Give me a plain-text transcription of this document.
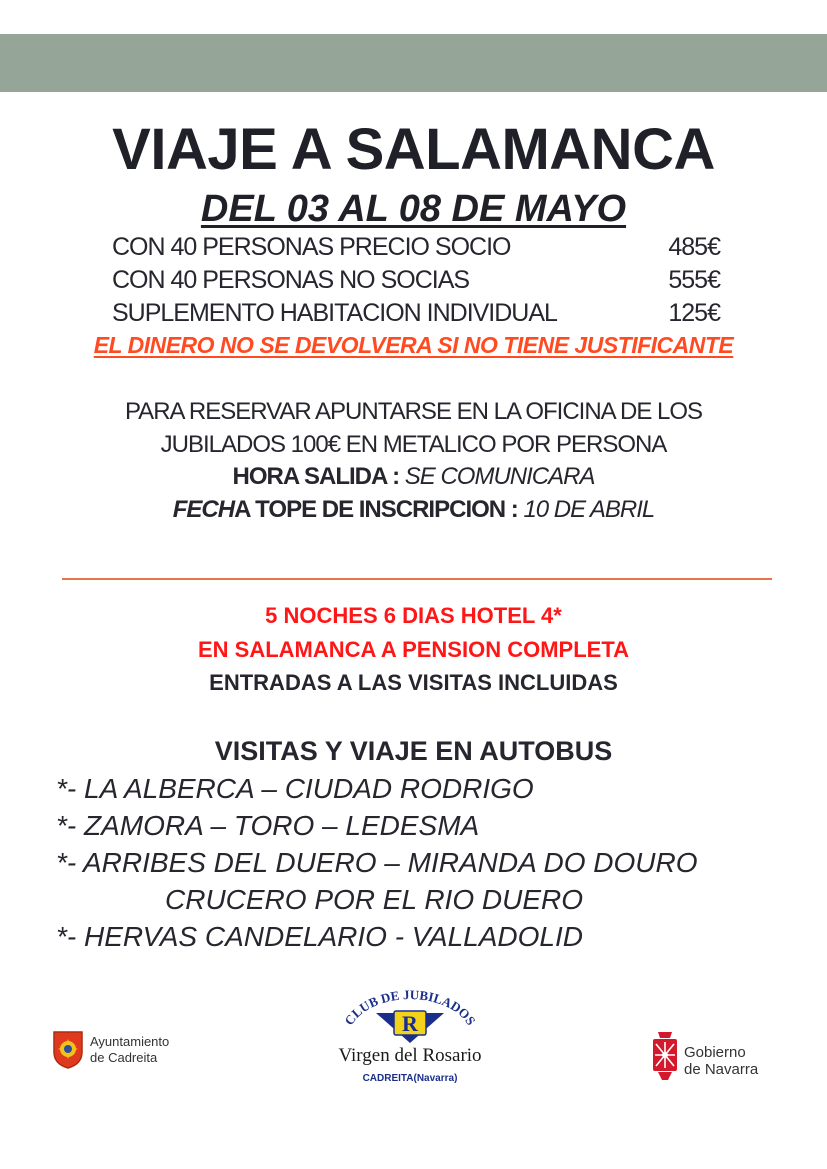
VIAJE A SALAMANCA
DEL 03 AL 08 DE MAYO
CON 40 PERSONAS PRECIO SOCIO	485€
CON 40 PERSONAS NO SOCIAS	555€
SUPLEMENTO HABITACION INDIVIDUAL	125€
EL DINERO NO SE DEVOLVERA SI NO TIENE JUSTIFICANTE
PARA RESERVAR APUNTARSE EN LA OFICINA DE LOS
JUBILADOS 100€ EN METALICO POR PERSONA
HORA SALIDA : SE COMUNICARA
FECHA TOPE DE INSCRIPCION : 10 DE ABRIL
5 NOCHES 6 DIAS HOTEL 4*
EN SALAMANCA A PENSION COMPLETA
ENTRADAS A LAS VISITAS INCLUIDAS
VISITAS Y VIAJE EN AUTOBUS
*- LA ALBERCA – CIUDAD RODRIGO
*- ZAMORA – TORO – LEDESMA
*- ARRIBES DEL DUERO – MIRANDA DO DOURO
CRUCERO POR EL RIO DUERO
*- HERVAS CANDELARIO - VALLADOLID
Ayuntamiento
de Cadreita
CLUB DE JUBILADOS
R
Virgen del Rosario
CADREITA(Navarra)
Gobierno
de Navarra
